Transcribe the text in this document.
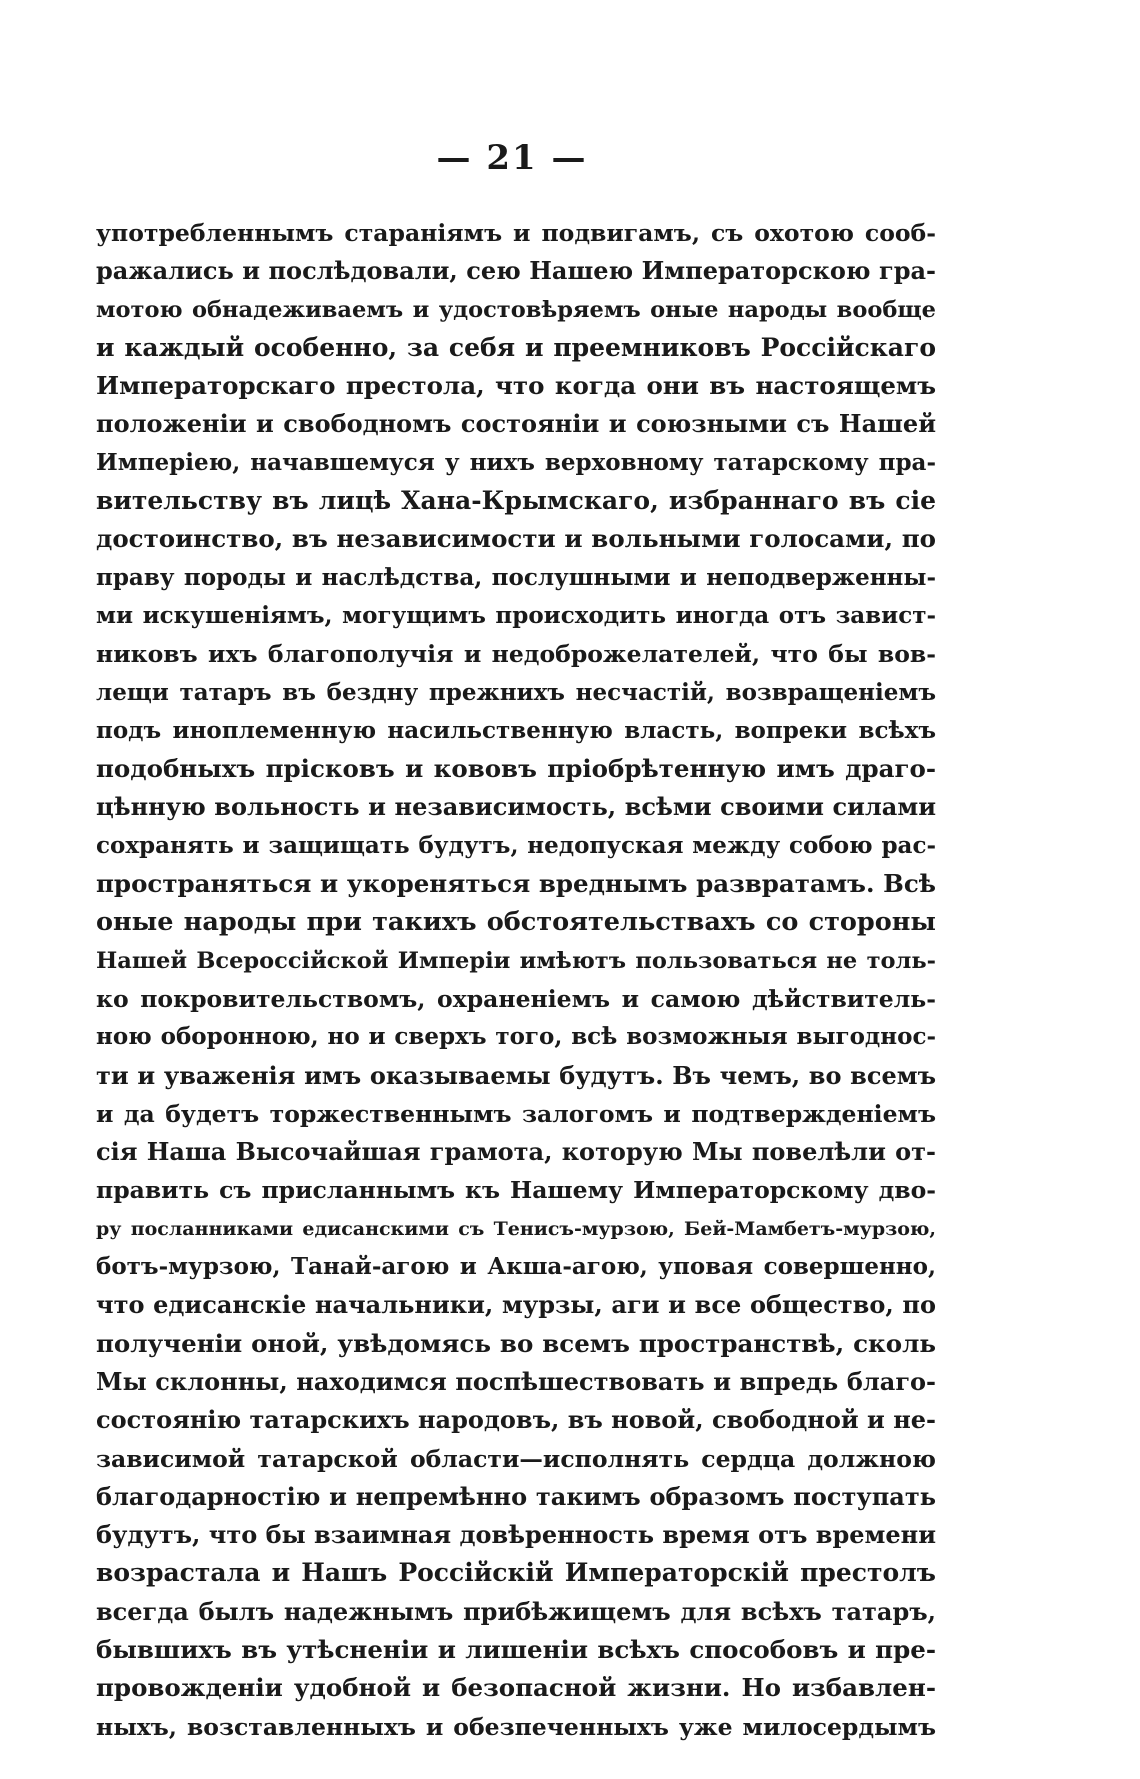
— 21 —
употребленнымъ стараніямъ и подвигамъ, съ охотою сооб-
ражались и послѣдовали, сею Нашею Императорскою гра-
мотою обнадеживаемъ и удостовѣряемъ оные народы вообще
и каждый особенно, за себя и преемниковъ Россійскаго
Императорскаго престола, что когда они въ настоящемъ
положеніи и свободномъ состояніи и союзными съ Нашей
Имперіею, начавшемуся у нихъ верховному татарскому пра-
вительству въ лицѣ Хана-Крымскаго, избраннаго въ сіе
достоинство, въ независимости и вольными голосами, по
праву породы и наслѣдства, послушными и неподверженны-
ми искушеніямъ, могущимъ происходить иногда отъ завист-
никовъ ихъ благополучія и недоброжелателей, что бы вов-
лещи татаръ въ бездну прежнихъ несчастій, возвращеніемъ
подъ иноплеменную насильственную власть, вопреки всѣхъ
подобныхъ прісковъ и кововъ пріобрѣтенную имъ драго-
цѣнную вольность и независимость, всѣми своими силами
сохранять и защищать будутъ, недопуская между собою рас-
пространяться и укореняться вреднымъ развратамъ. Всѣ
оные народы при такихъ обстоятельствахъ со стороны
Нашей Всероссійской Имперіи имѣютъ пользоваться не толь-
ко покровительствомъ, охраненіемъ и самою дѣйствитель-
ною оборонною, но и сверхъ того, всѣ возможныя выгоднос-
ти и уваженія имъ оказываемы будутъ. Въ чемъ, во всемъ
и да будетъ торжественнымъ залогомъ и подтвержденіемъ
сія Наша Высочайшая грамота, которую Мы повелѣли от-
править съ присланнымъ къ Нашему Императорскому дво-
ру посланниками едисанскими съ Тенисъ-мурзою, Бей-Мамбетъ-мурзою,
ботъ-мурзою, Танай-агою и Акша-агою, уповая совершенно,
что едисанскіе начальники, мурзы, аги и все общество, по
полученіи оной, увѣдомясь во всемъ пространствѣ, сколь
Мы склонны, находимся поспѣшествовать и впредь благо-
состоянію татарскихъ народовъ, въ новой, свободной и не-
зависимой татарской области—исполнять сердца должною
благодарностію и непремѣнно такимъ образомъ поступать
будутъ, что бы взаимная довѣренность время отъ времени
возрастала и Нашъ Россійскій Императорскій престолъ
всегда былъ надежнымъ прибѣжищемъ для всѣхъ татаръ,
бывшихъ въ утѣсненіи и лишеніи всѣхъ способовъ и пре-
провожденіи удобной и безопасной жизни. Но избавлен-
ныхъ, возставленныхъ и обезпеченныхъ уже милосердымъ
